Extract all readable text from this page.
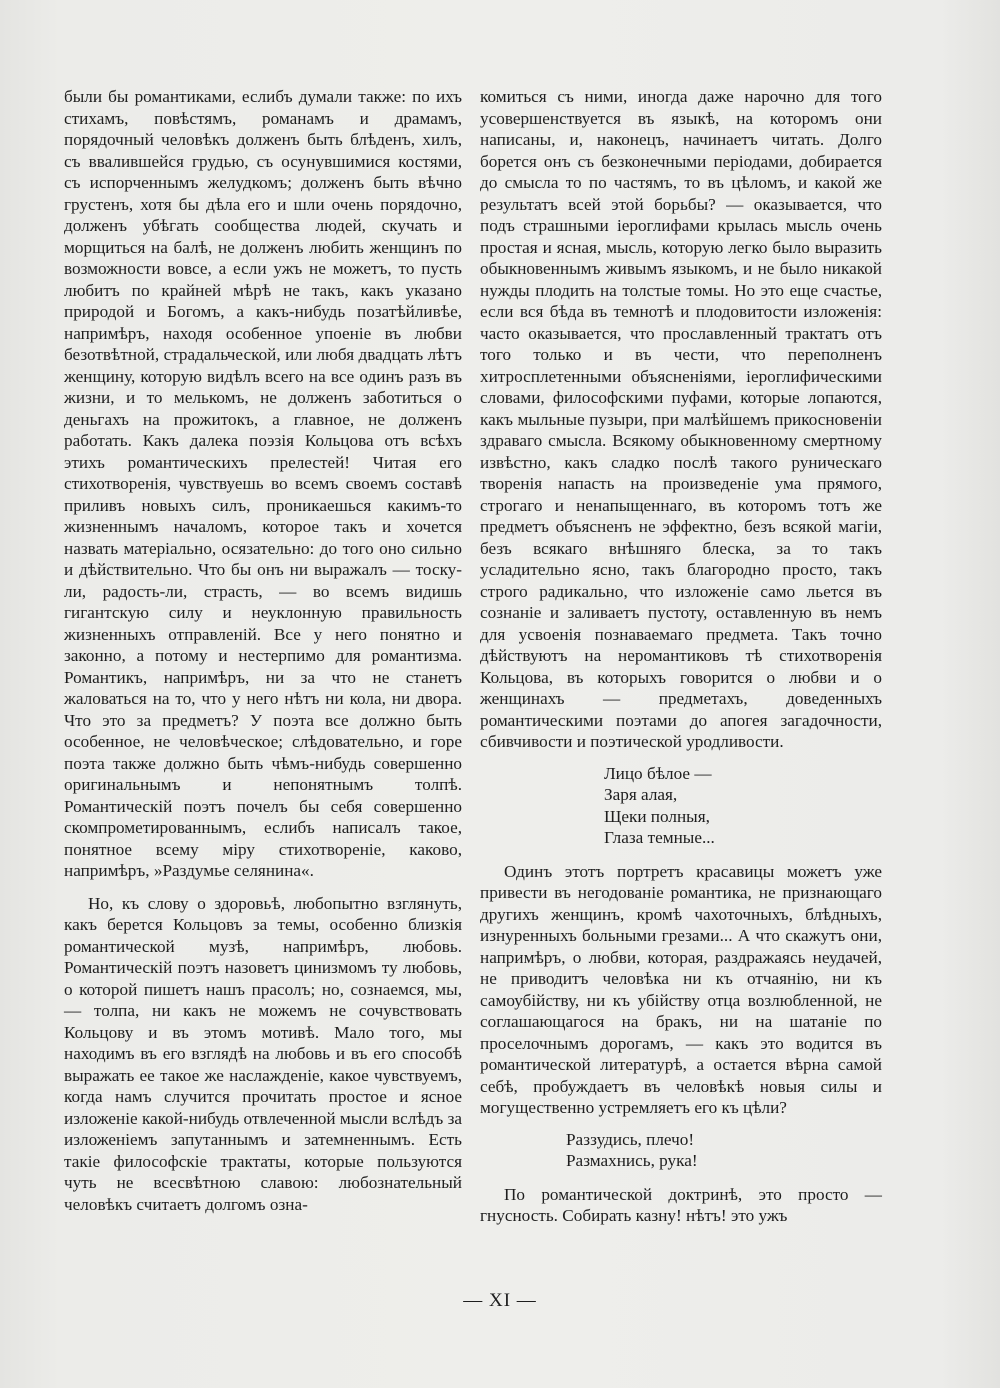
были бы романтиками, еслибъ думали также: по ихъ стихамъ, повѣстямъ, романамъ и драмамъ, порядочный человѣкъ долженъ быть блѣденъ, хилъ, съ ввалившейся грудью, съ осунувшимися костями, съ испорченнымъ желудкомъ; долженъ быть вѣчно грустенъ, хотя бы дѣла его и шли очень порядочно, долженъ убѣгать сообщества людей, скучать и морщиться на балѣ, не долженъ любить женщинъ по возможности вовсе, а если ужъ не можетъ, то пусть любитъ по крайней мѣрѣ не такъ, какъ указано природой и Богомъ, а какъ-нибудь позатѣйливѣе, напримѣръ, находя особенное упоеніе въ любви безотвѣтной, страдальческой, или любя двадцать лѣтъ женщину, которую видѣлъ всего на все одинъ разъ въ жизни, и то мелькомъ, не долженъ заботиться о деньгахъ на прожитокъ, а главное, не долженъ работать. Какъ далека поэзія Кольцова отъ всѣхъ этихъ романтическихъ прелестей! Читая его стихотворенія, чувствуешь во всемъ своемъ составѣ приливъ новыхъ силъ, проникаешься какимъ-то жизненнымъ началомъ, которое такъ и хочется назвать матеріально, осязательно: до того оно сильно и дѣйствительно. Что бы онъ ни выражалъ — тоску-ли, радость-ли, страсть, — во всемъ видишь гигантскую силу и неуклонную правильность жизненныхъ отправленій. Все у него понятно и законно, а потому и нестерпимо для романтизма. Романтикъ, напримѣръ, ни за что не станетъ жаловаться на то, что у него нѣтъ ни кола, ни двора. Что это за предметъ? У поэта все должно быть особенное, не человѣческое; слѣдовательно, и горе поэта также должно быть чѣмъ-нибудь совершенно оригинальнымъ и непонятнымъ толпѣ. Романтическій поэтъ почелъ бы себя совершенно скомпрометированнымъ, еслибъ написалъ такое, понятное всему міру стихотвореніе, каково, напримѣръ, »Раздумье селянина«.

Но, къ слову о здоровьѣ, любопытно взглянуть, какъ берется Кольцовъ за темы, особенно близкія романтической музѣ, напримѣръ, любовь. Романтическій поэтъ назоветъ цинизмомъ ту любовь, о которой пишетъ нашъ прасолъ; но, сознаемся, мы, — толпа, ни какъ не можемъ не сочувствовать Кольцову и въ этомъ мотивѣ. Мало того, мы находимъ въ его взглядѣ на любовь и въ его способѣ выражать ее такое же наслажденіе, какое чувствуемъ, когда намъ случится прочитать простое и ясное изложеніе какой-нибудь отвлеченной мысли вслѣдъ за изложеніемъ запутаннымъ и затемненнымъ. Есть такіе философскіе трактаты, которые пользуются чуть не всесвѣтною славою: любознательный человѣкъ считаетъ долгомъ озна-

комиться съ ними, иногда даже нарочно для того усовершенствуется въ языкѣ, на которомъ они написаны, и, наконецъ, начинаетъ читать. Долго борется онъ съ безконечными періодами, добирается до смысла то по частямъ, то въ цѣломъ, и какой же результатъ всей этой борьбы? — оказывается, что подъ страшными іероглифами крылась мысль очень простая и ясная, мысль, которую легко было выразить обыкновеннымъ живымъ языкомъ, и не было никакой нужды плодить на толстые томы. Но это еще счастье, если вся бѣда въ темнотѣ и плодовитости изложенія: часто оказывается, что прославленный трактатъ отъ того только и въ чести, что переполненъ хитросплетенными объясненіями, іероглифическими словами, философскими пуфами, которые лопаются, какъ мыльные пузыри, при малѣйшемъ прикосновеніи здраваго смысла. Всякому обыкновенному смертному извѣстно, какъ сладко послѣ такого руническаго творенія напасть на произведеніе ума прямого, строгаго и ненапыщеннаго, въ которомъ тотъ же предметъ объясненъ не эффектно, безъ всякой магіи, безъ всякаго внѣшняго блеска, за то такъ усладительно ясно, такъ благородно просто, такъ строго радикально, что изложеніе само льется въ сознаніе и заливаетъ пустоту, оставленную въ немъ для усвоенія познаваемаго предмета. Такъ точно дѣйствуютъ на неромантиковъ тѣ стихотворенія Кольцова, въ которыхъ говорится о любви и о женщинахъ — предметахъ, доведенныхъ романтическими поэтами до апогея загадочности, сбивчивости и поэтической уродливости.

Лицо бѣлое —
Заря алая,
Щеки полныя,
Глаза темные...

Одинъ этотъ портретъ красавицы можетъ уже привести въ негодованіе романтика, не признающаго другихъ женщинъ, кромѣ чахоточныхъ, блѣдныхъ, изнуренныхъ больными грезами... А что скажутъ они, напримѣръ, о любви, которая, раздражаясь неудачей, не приводитъ человѣка ни къ отчаянію, ни къ самоубійству, ни къ убійству отца возлюбленной, не соглашающагося на бракъ, ни на шатаніе по проселочнымъ дорогамъ, — какъ это водится въ романтической литературѣ, а остается вѣрна самой себѣ, пробуждаетъ въ человѣкѣ новыя силы и могущественно устремляетъ его къ цѣли?

Раззудись, плечо!
Размахнись, рука!

По романтической доктринѣ, это просто — гнусность. Собирать казну! нѣтъ! это ужъ

— XI —
